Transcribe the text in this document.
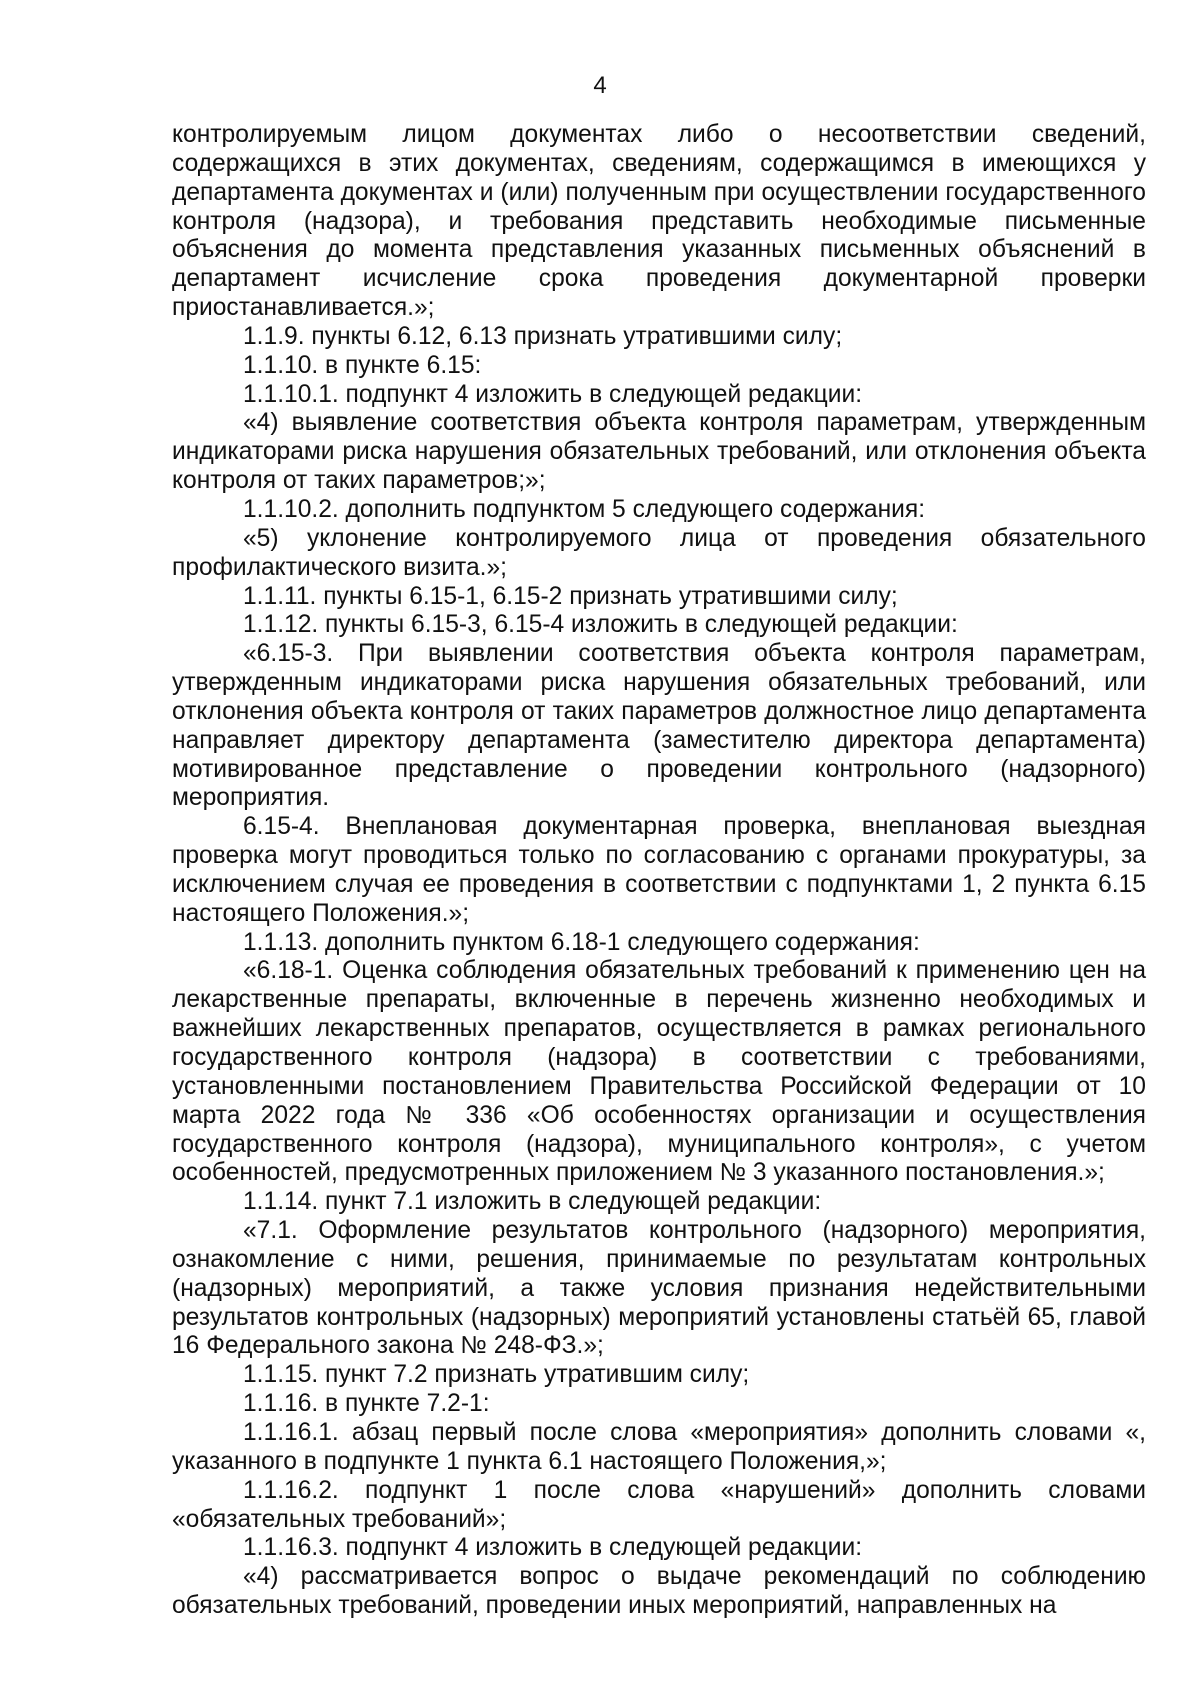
4

контролируемым лицом документах либо о несоответствии сведений, содержащихся в этих документах, сведениям, содержащимся в имеющихся у департамента документах и (или) полученным при осуществлении государственного контроля (надзора), и требования представить необходимые письменные объяснения до момента представления указанных письменных объяснений в департамент исчисление срока проведения документарной проверки приостанавливается.»;

1.1.9. пункты 6.12, 6.13 признать утратившими силу;

1.1.10. в пункте 6.15:

1.1.10.1. подпункт 4 изложить в следующей редакции:

«4) выявление соответствия объекта контроля параметрам, утвержденным индикаторами риска нарушения обязательных требований, или отклонения объекта контроля от таких параметров;»;

1.1.10.2. дополнить подпунктом 5 следующего содержания:

«5) уклонение контролируемого лица от проведения обязательного профилактического визита.»;

1.1.11. пункты 6.15-1, 6.15-2 признать утратившими силу;

1.1.12. пункты 6.15-3, 6.15-4 изложить в следующей редакции:

«6.15-3. При выявлении соответствия объекта контроля параметрам, утвержденным индикаторами риска нарушения обязательных требований, или отклонения объекта контроля от таких параметров должностное лицо департамента направляет директору департамента (заместителю директора департамента) мотивированное представление о проведении контрольного (надзорного) мероприятия.

6.15-4. Внеплановая документарная проверка, внеплановая выездная проверка могут проводиться только по согласованию с органами прокуратуры, за исключением случая ее проведения в соответствии с подпунктами 1, 2 пункта 6.15 настоящего Положения.»;

1.1.13. дополнить пунктом 6.18-1 следующего содержания:

«6.18-1. Оценка соблюдения обязательных требований к применению цен на лекарственные препараты, включенные в перечень жизненно необходимых и важнейших лекарственных препаратов, осуществляется в рамках регионального государственного контроля (надзора) в соответствии с требованиями, установленными постановлением Правительства Российской Федерации от 10 марта 2022 года № 336 «Об особенностях организации и осуществления государственного контроля (надзора), муниципального контроля», с учетом особенностей, предусмотренных приложением № 3 указанного постановления.»;

1.1.14. пункт 7.1 изложить в следующей редакции:

«7.1. Оформление результатов контрольного (надзорного) мероприятия, ознакомление с ними, решения, принимаемые по результатам контрольных (надзорных) мероприятий, а также условия признания недействительными результатов контрольных (надзорных) мероприятий установлены статьёй 65, главой 16 Федерального закона № 248-ФЗ.»;

1.1.15. пункт 7.2 признать утратившим силу;

1.1.16. в пункте 7.2-1:

1.1.16.1. абзац первый после слова «мероприятия» дополнить словами «, указанного в подпункте 1 пункта 6.1 настоящего Положения,»;

1.1.16.2. подпункт 1 после слова «нарушений» дополнить словами «обязательных требований»;

1.1.16.3. подпункт 4 изложить в следующей редакции:

«4) рассматривается вопрос о выдаче рекомендаций по соблюдению обязательных требований, проведении иных мероприятий, направленных на
